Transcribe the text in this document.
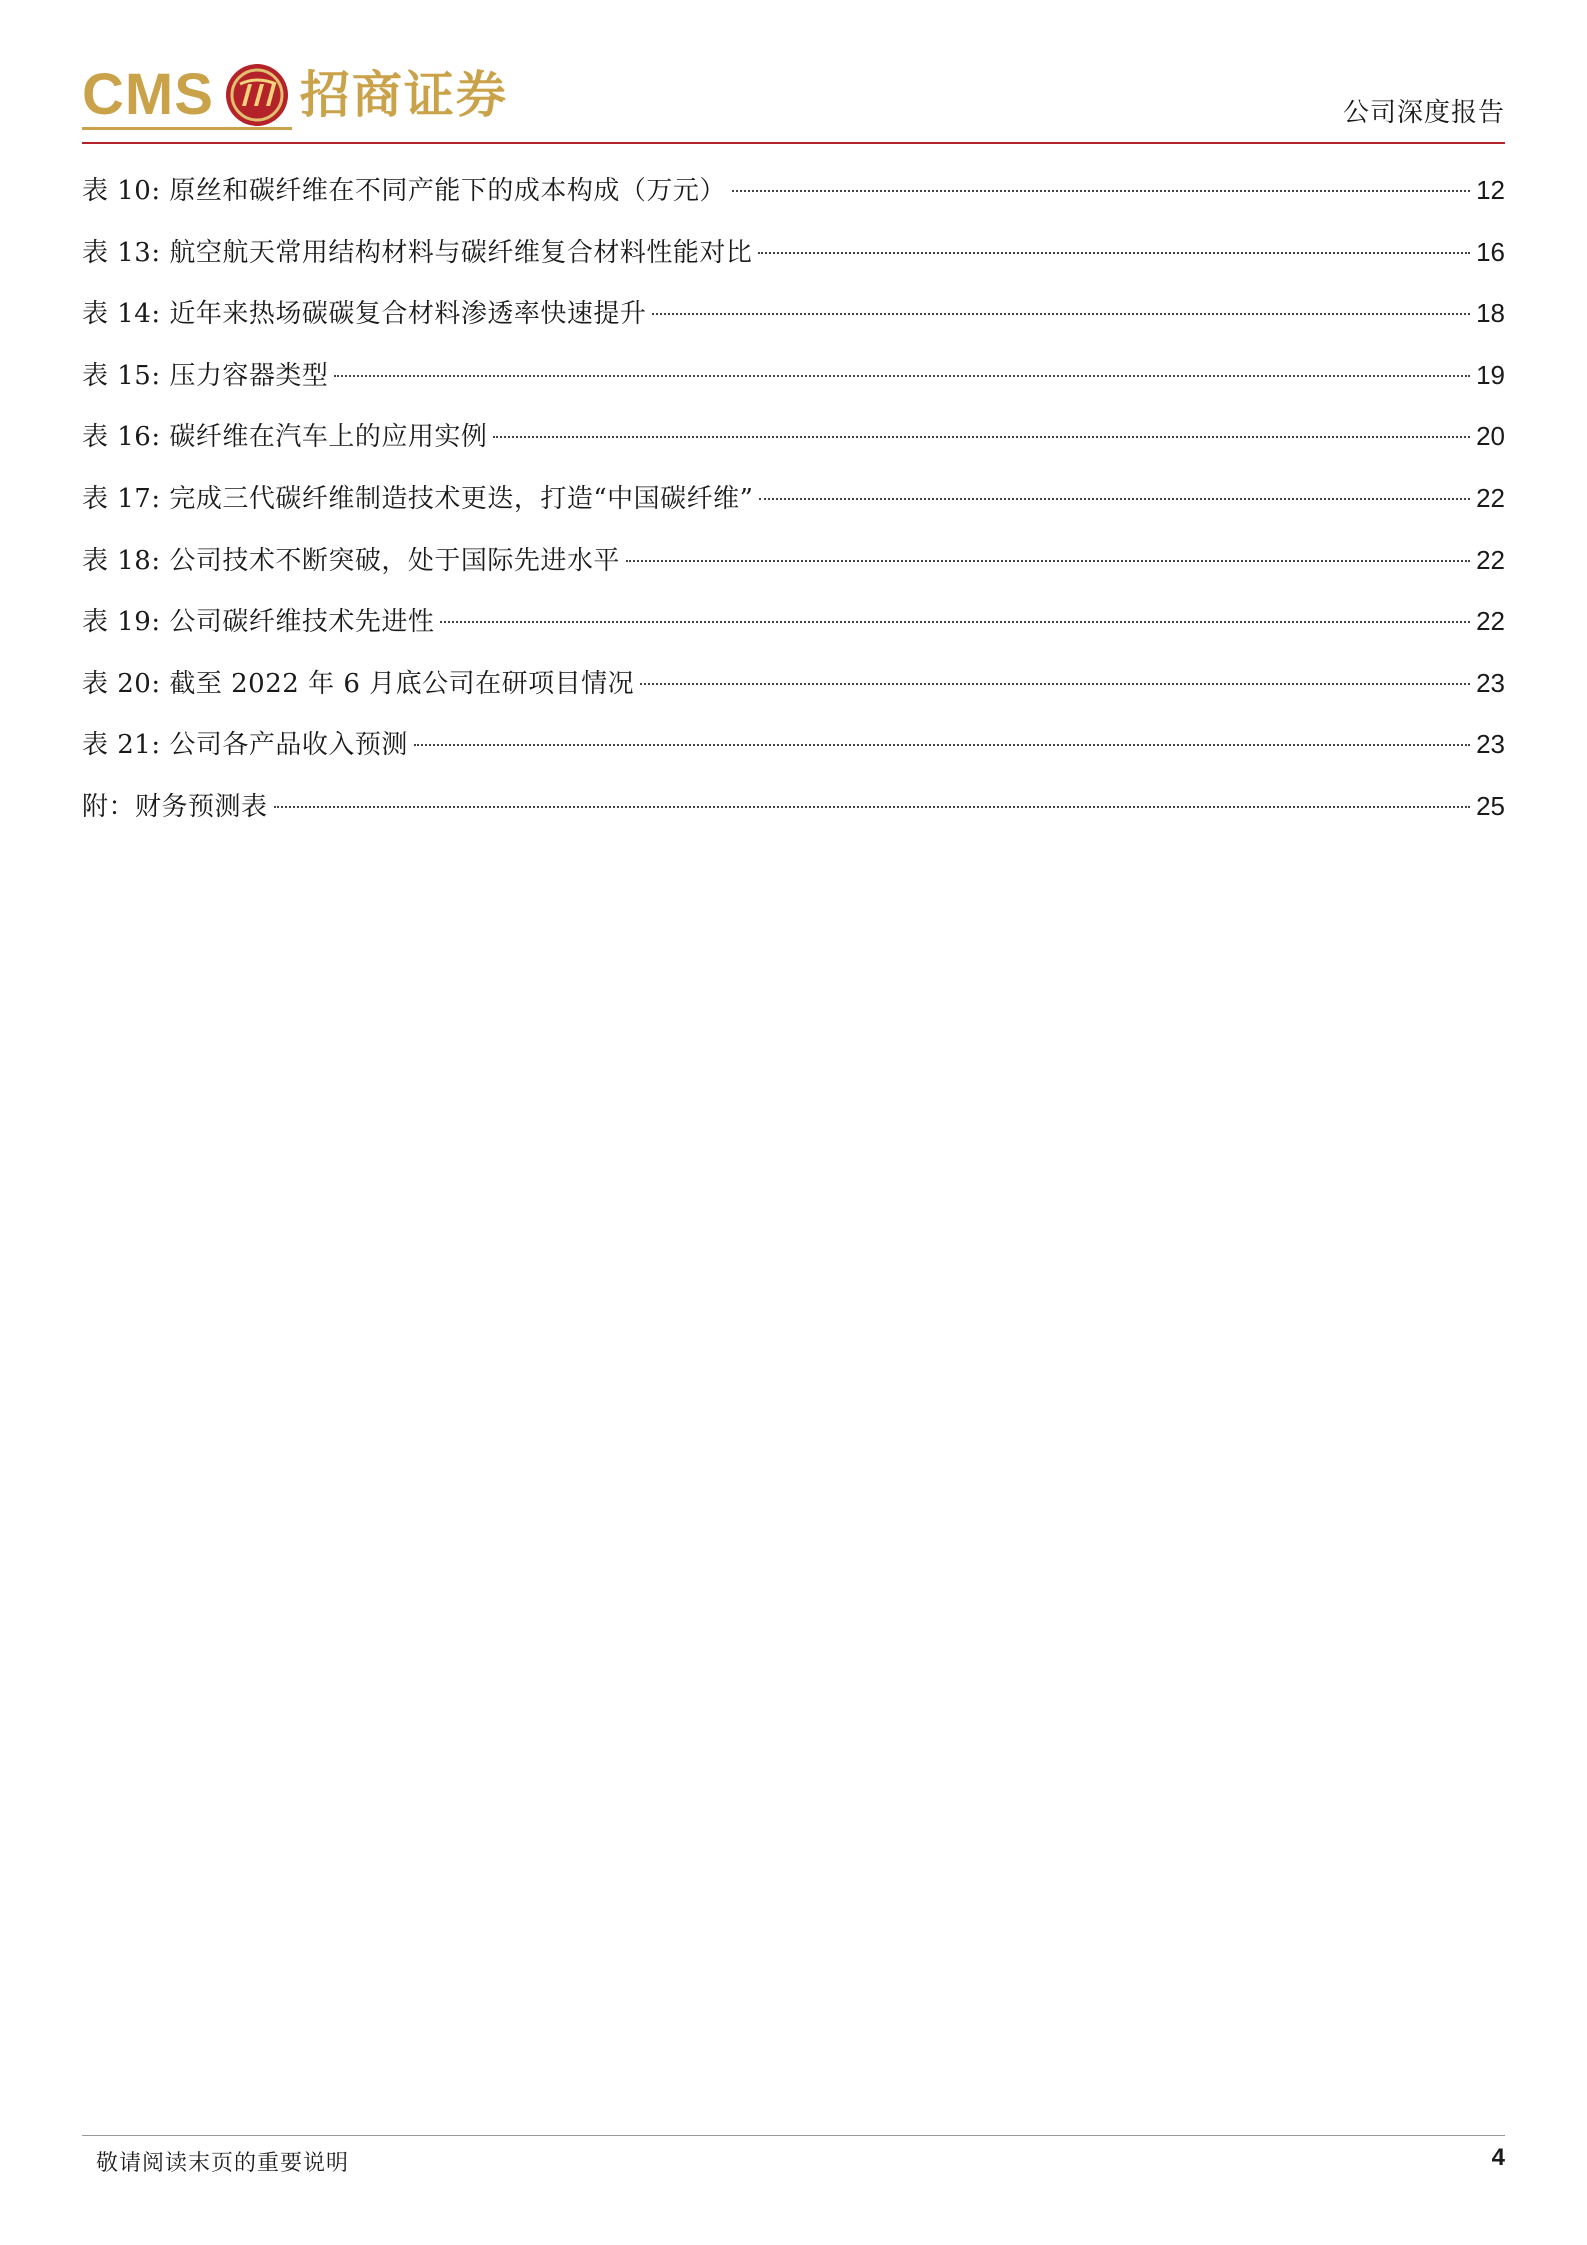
CMS 招商证券	公司深度报告
表 10: 原丝和碳纤维在不同产能下的成本构成（万元）	12
表 13: 航空航天常用结构材料与碳纤维复合材料性能对比	16
表 14: 近年来热场碳碳复合材料渗透率快速提升	18
表 15: 压力容器类型	19
表 16: 碳纤维在汽车上的应用实例	20
表 17: 完成三代碳纤维制造技术更迭，打造“中国碳纤维”	22
表 18: 公司技术不断突破，处于国际先进水平	22
表 19: 公司碳纤维技术先进性	22
表 20: 截至 2022 年 6 月底公司在研项目情况	23
表 21: 公司各产品收入预测	23
附：财务预测表	25
敬请阅读末页的重要说明	4
